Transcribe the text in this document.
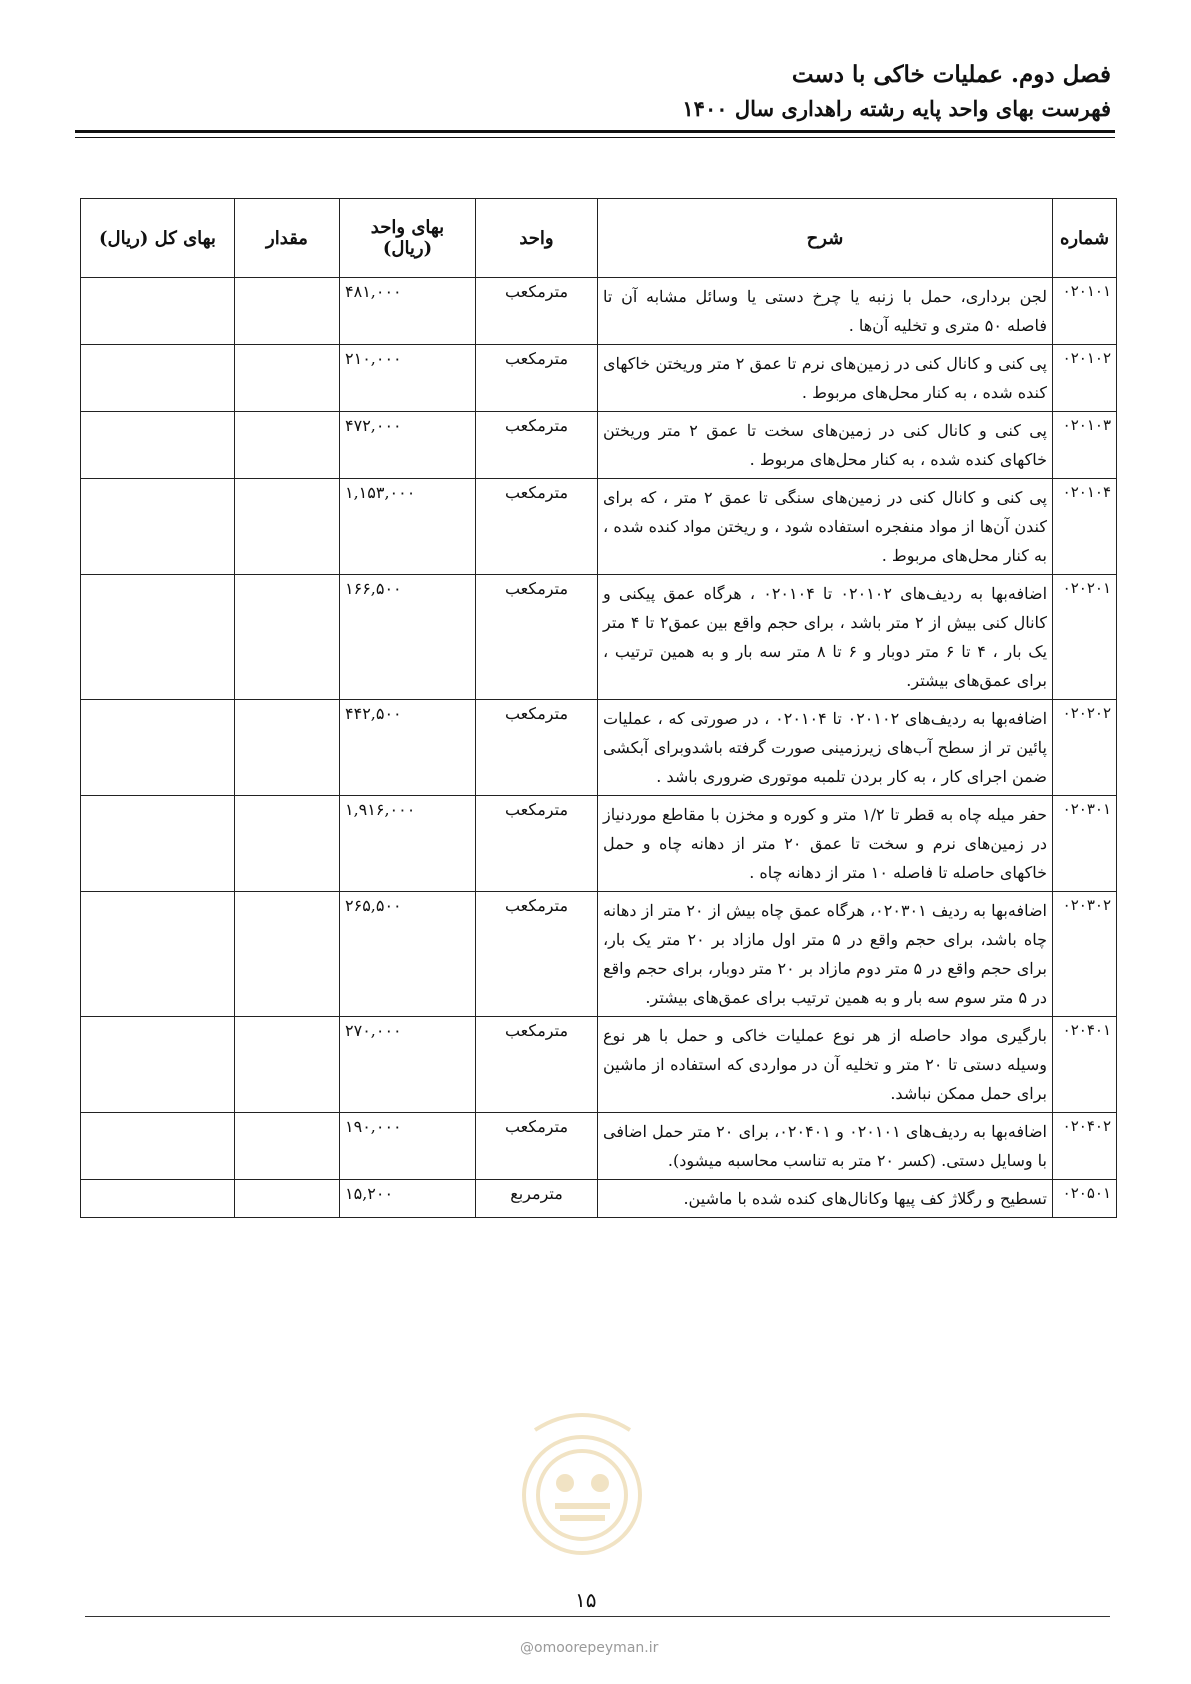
فصل دوم. عملیات خاکی با دست
فهرست بهای واحد پایه رشته راهداری سال ۱۴۰۰
شماره	شرح	واحد	بهای واحد (ریال)	مقدار	بهای کل (ریال)
۰۲۰۱۰۱	لجن برداری، حمل با زنبه یا چرخ دستی یا وسائل مشابه آن تا فاصله ۵۰ متری و تخلیه آن‌ها .	مترمکعب	۴۸۱,۰۰۰		
۰۲۰۱۰۲	پی کنی و کانال کنی در زمین‌های نرم تا عمق ۲ متر وریختن خاکهای کنده شده ، به کنار محل‌های مربوط .	مترمکعب	۲۱۰,۰۰۰		
۰۲۰۱۰۳	پی کنی و کانال کنی در زمین‌های سخت تا عمق ۲ متر وریختن خاکهای کنده شده ، به کنار محل‌های مربوط .	مترمکعب	۴۷۲,۰۰۰		
۰۲۰۱۰۴	پی کنی و کانال کنی در زمین‌های سنگی تا عمق ۲ متر ، که برای کندن آن‌ها از مواد منفجره استفاده شود ، و ریختن مواد کنده شده ، به کنار محل‌های مربوط .	مترمکعب	۱,۱۵۳,۰۰۰		
۰۲۰۲۰۱	اضافه‌بها به ردیف‌های ۰۲۰۱۰۲ تا ۰۲۰۱۰۴ ، هرگاه عمق پیکنی و کانال کنی بیش از ۲ متر باشد ، برای حجم واقع بین عمق۲ تا ۴ متر یک بار ، ۴ تا ۶ متر دوبار و ۶ تا ۸ متر سه بار و به همین ترتیب ، برای عمق‌های بیشتر.	مترمکعب	۱۶۶,۵۰۰		
۰۲۰۲۰۲	اضافه‌بها به ردیف‌های ۰۲۰۱۰۲ تا ۰۲۰۱۰۴ ، در صورتی که ، عملیات پائین تر از سطح آب‌های زیرزمینی صورت گرفته باشدوبرای آبکشی ضمن اجرای کار ، به کار بردن تلمبه موتوری ضروری باشد .	مترمکعب	۴۴۲,۵۰۰		
۰۲۰۳۰۱	حفر میله چاه به قطر تا ۱/۲ متر و کوره و مخزن با مقاطع موردنیاز در زمین‌های نرم و سخت تا عمق ۲۰ متر از دهانه چاه و حمل خاکهای حاصله تا فاصله ۱۰ متر از دهانه چاه .	مترمکعب	۱,۹۱۶,۰۰۰		
۰۲۰۳۰۲	اضافه‌بها به ردیف ۰۲۰۳۰۱، هرگاه عمق چاه بیش از ۲۰ متر از دهانه چاه باشد، برای حجم واقع در ۵ متر اول مازاد بر ۲۰ متر یک بار، برای حجم واقع در ۵ متر دوم مازاد بر ۲۰ متر دوبار، برای حجم واقع در ۵ متر سوم سه بار و به همین ترتیب برای عمق‌های بیشتر.	مترمکعب	۲۶۵,۵۰۰		
۰۲۰۴۰۱	بارگیری مواد حاصله از هر نوع عملیات خاکی و حمل با هر نوع وسیله دستی تا ۲۰ متر و تخلیه آن در مواردی که استفاده از ماشین برای حمل ممکن نباشد.	مترمکعب	۲۷۰,۰۰۰		
۰۲۰۴۰۲	اضافه‌بها به ردیف‌های ۰۲۰۱۰۱ و ۰۲۰۴۰۱، برای ۲۰ متر حمل اضافی با وسایل دستی. (کسر ۲۰ متر به تناسب محاسبه میشود).	مترمکعب	۱۹۰,۰۰۰		
۰۲۰۵۰۱	تسطیح و رگلاژ کف پیها وکانال‌های کنده شده با ماشین.	مترمربع	۱۵,۲۰۰		
۱۵
@omoorepeyman.ir
